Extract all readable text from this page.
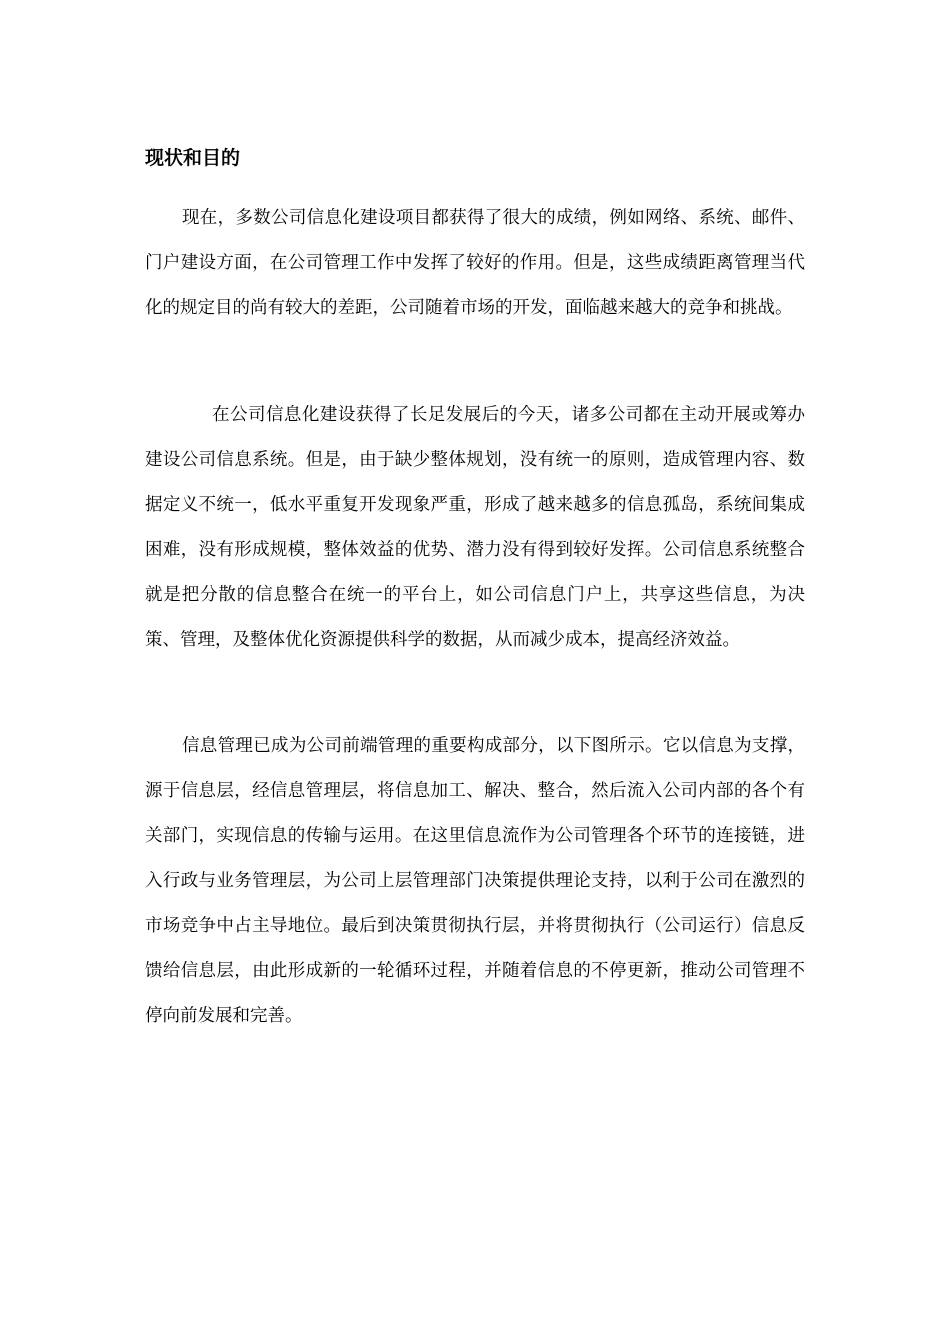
现状和目的

现在，多数公司信息化建设项目都获得了很大的成绩，例如网络、系统、邮件、门户建设方面，在公司管理工作中发挥了较好的作用。但是，这些成绩距离管理当代化的规定目的尚有较大的差距，公司随着市场的开发，面临越来越大的竞争和挑战。

在公司信息化建设获得了长足发展后的今天，诸多公司都在主动开展或筹办建设公司信息系统。但是，由于缺少整体规划，没有统一的原则，造成管理内容、数据定义不统一，低水平重复开发现象严重，形成了越来越多的信息孤岛，系统间集成困难，没有形成规模，整体效益的优势、潜力没有得到较好发挥。公司信息系统整合就是把分散的信息整合在统一的平台上，如公司信息门户上，共享这些信息，为决策、管理，及整体优化资源提供科学的数据，从而减少成本，提高经济效益。

信息管理已成为公司前端管理的重要构成部分，以下图所示。它以信息为支撑，源于信息层，经信息管理层，将信息加工、解决、整合，然后流入公司内部的各个有关部门，实现信息的传输与运用。在这里信息流作为公司管理各个环节的连接链，进入行政与业务管理层，为公司上层管理部门决策提供理论支持，以利于公司在激烈的市场竞争中占主导地位。最后到决策贯彻执行层，并将贯彻执行（公司运行）信息反馈给信息层，由此形成新的一轮循环过程，并随着信息的不停更新，推动公司管理不停向前发展和完善。
